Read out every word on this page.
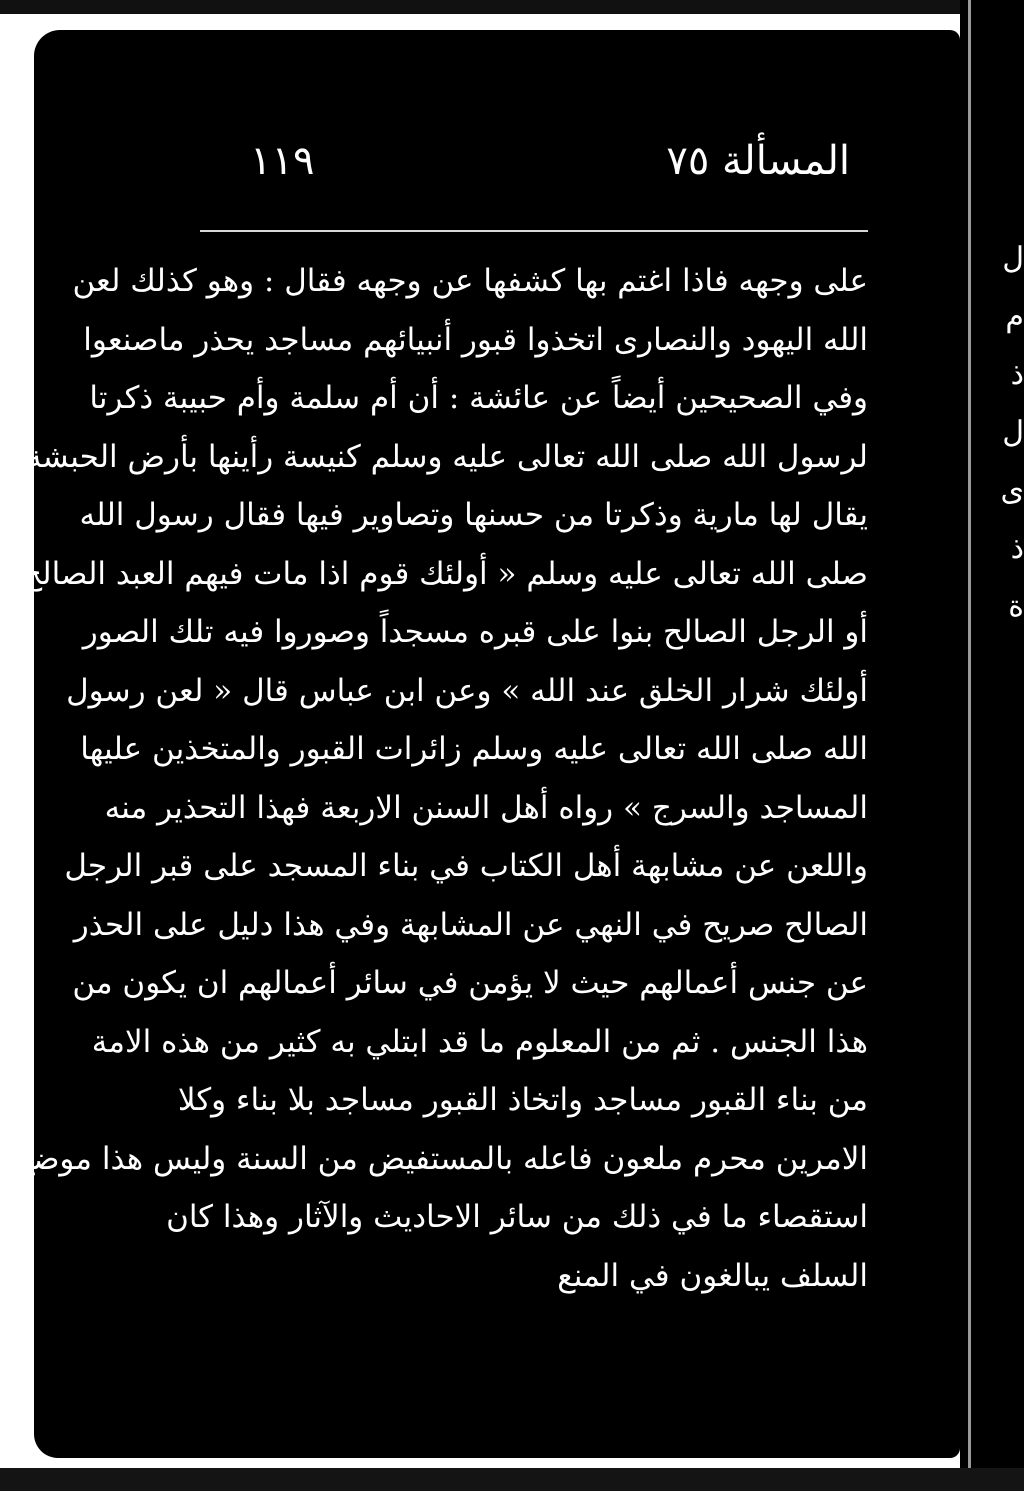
١١٩	المسألة ٧٥
على وجهه فاذا اغتم بها كشفها عن وجهه فقال : وهو كذلك لعن
الله اليهود والنصارى اتخذوا قبور أنبيائهم مساجد يحذر ماصنعوا
وفي الصحيحين أيضاً عن عائشة : أن أم سلمة وأم حبيبة ذكرتا
لرسول الله صلى الله تعالى عليه وسلم كنيسة رأينها بأرض الحبشة
يقال لها مارية وذكرتا من حسنها وتصاوير فيها فقال رسول الله
صلى الله تعالى عليه وسلم « أولئك قوم اذا مات فيهم العبد الصالح
أو الرجل الصالح بنوا على قبره مسجداً وصوروا فيه تلك الصور
أولئك شرار الخلق عند الله » وعن ابن عباس قال « لعن رسول
الله صلى الله تعالى عليه وسلم زائرات القبور والمتخذين عليها
المساجد والسرج » رواه أهل السنن الاربعة فهذا التحذير منه
واللعن عن مشابهة أهل الكتاب في بناء المسجد على قبر الرجل
الصالح صريح في النهي عن المشابهة وفي هذا دليل على الحذر
عن جنس أعمالهم حيث لا يؤمن في سائر أعمالهم ان يكون من
هذا الجنس . ثم من المعلوم ما قد ابتلي به كثير من هذه الامة
من بناء القبور مساجد واتخاذ القبور مساجد بلا بناء وكلا
الامرين محرم ملعون فاعله بالمستفيض من السنة وليس هذا موضع
استقصاء ما في ذلك من سائر الاحاديث والآثار وهذا كان
السلف يبالغون في المنع
ل
م
ذ
ل
ى
ذ
ة
